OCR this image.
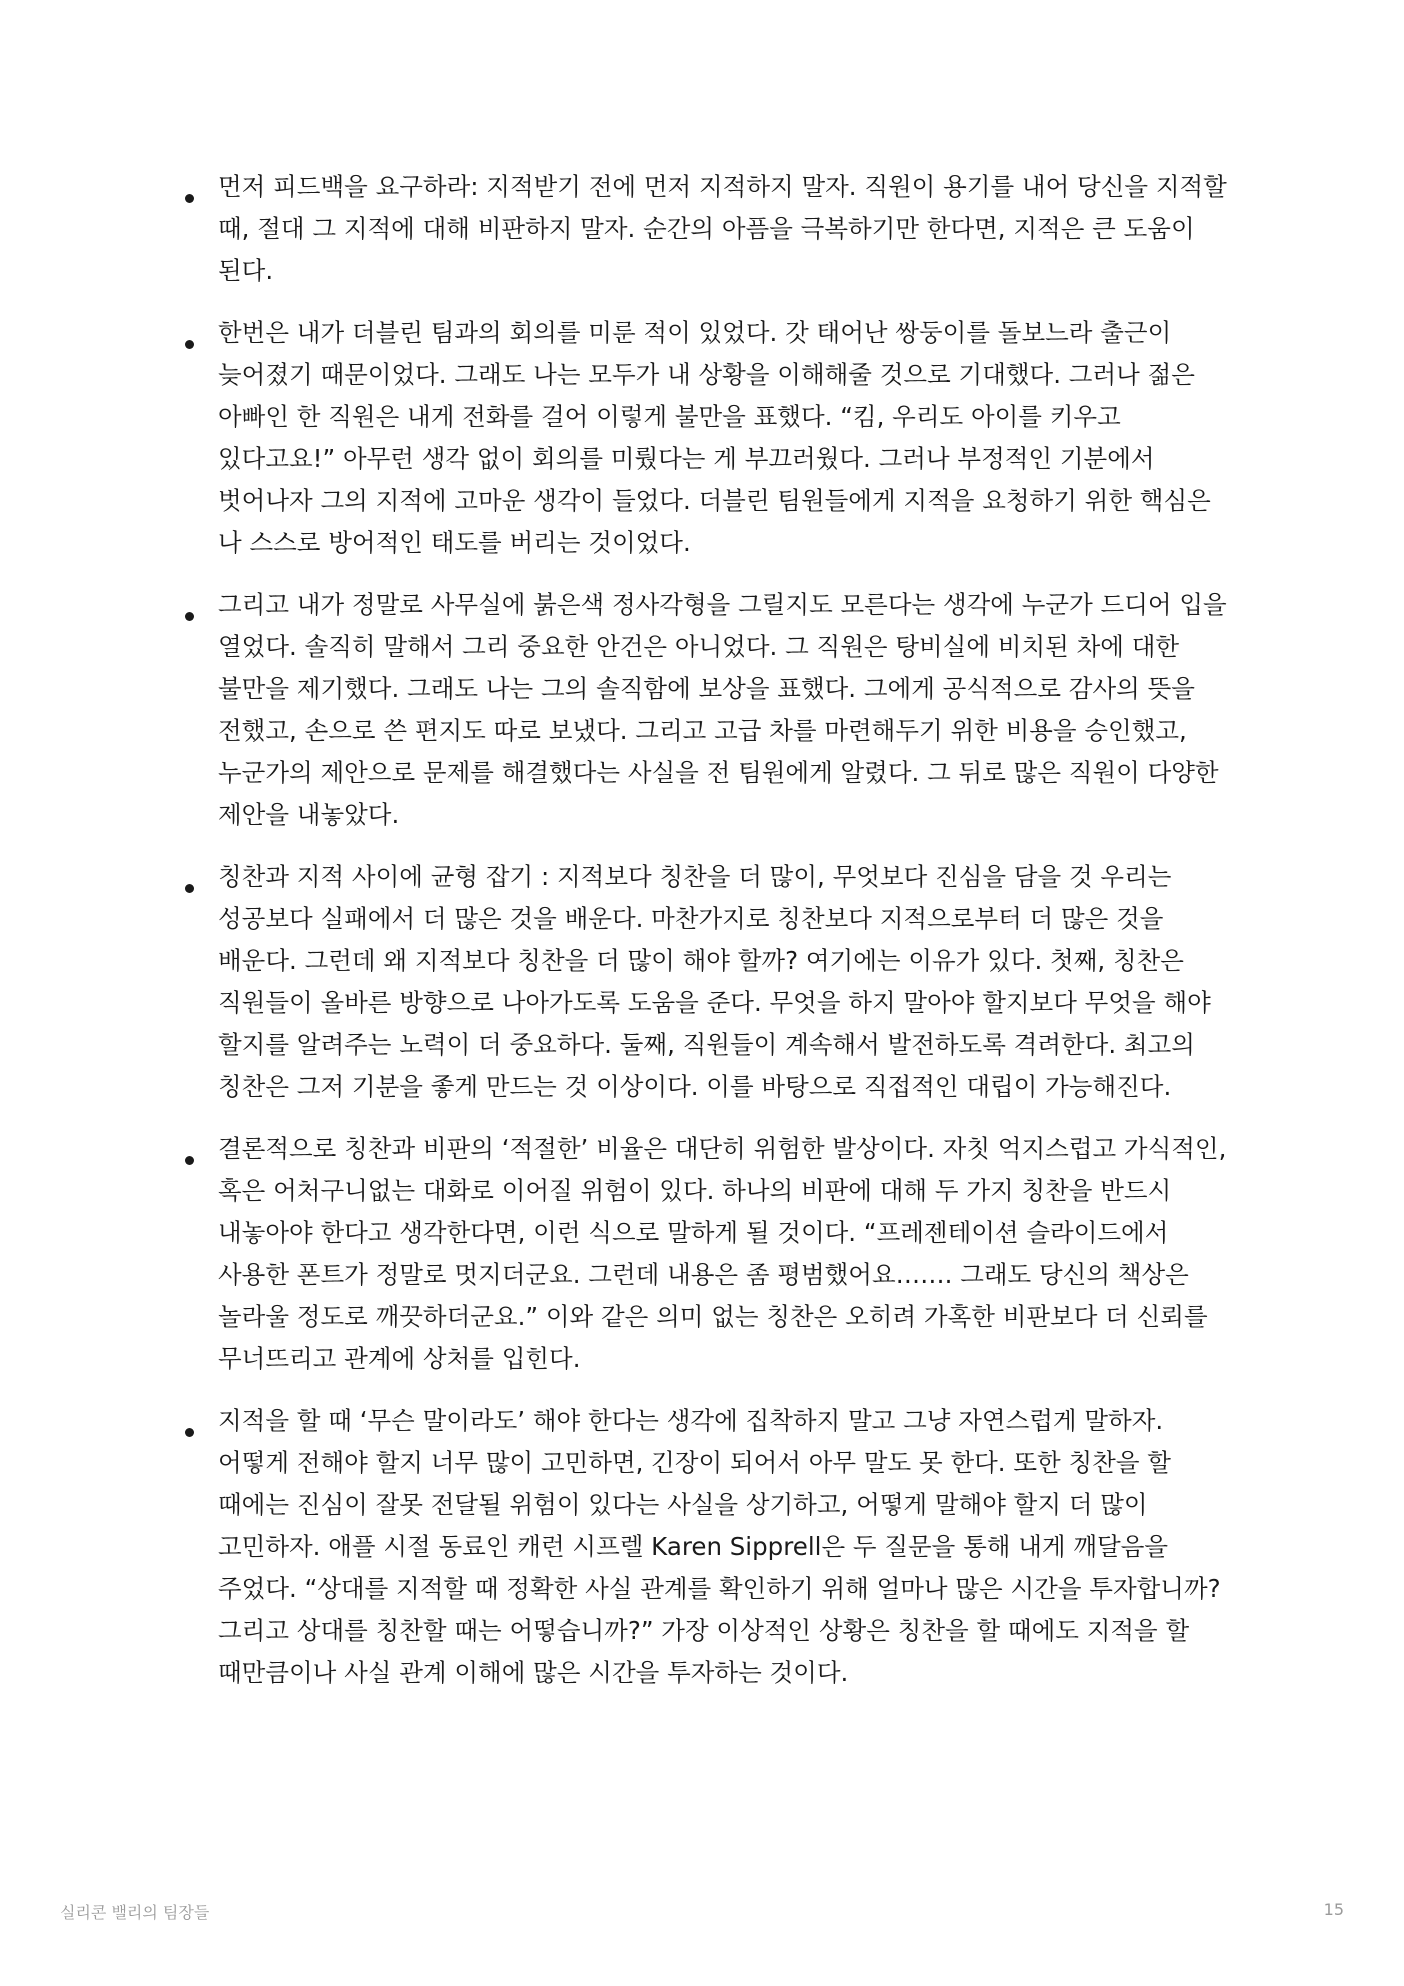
먼저 피드백을 요구하라: 지적받기 전에 먼저 지적하지 말자. 직원이 용기를 내어 당신을 지적할 때, 절대 그 지적에 대해 비판하지 말자. 순간의 아픔을 극복하기만 한다면, 지적은 큰 도움이 된다.
한번은 내가 더블린 팀과의 회의를 미룬 적이 있었다. 갓 태어난 쌍둥이를 돌보느라 출근이 늦어졌기 때문이었다. 그래도 나는 모두가 내 상황을 이해해줄 것으로 기대했다. 그러나 젊은 아빠인 한 직원은 내게 전화를 걸어 이렇게 불만을 표했다. “킴, 우리도 아이를 키우고 있다고요!” 아무런 생각 없이 회의를 미뤘다는 게 부끄러웠다. 그러나 부정적인 기분에서 벗어나자 그의 지적에 고마운 생각이 들었다. 더블린 팀원들에게 지적을 요청하기 위한 핵심은 나 스스로 방어적인 태도를 버리는 것이었다.
그리고 내가 정말로 사무실에 붉은색 정사각형을 그릴지도 모른다는 생각에 누군가 드디어 입을 열었다. 솔직히 말해서 그리 중요한 안건은 아니었다. 그 직원은 탕비실에 비치된 차에 대한 불만을 제기했다. 그래도 나는 그의 솔직함에 보상을 표했다. 그에게 공식적으로 감사의 뜻을 전했고, 손으로 쓴 편지도 따로 보냈다. 그리고 고급 차를 마련해두기 위한 비용을 승인했고, 누군가의 제안으로 문제를 해결했다는 사실을 전 팀원에게 알렸다. 그 뒤로 많은 직원이 다양한 제안을 내놓았다.
칭찬과 지적 사이에 균형 잡기 : 지적보다 칭찬을 더 많이, 무엇보다 진심을 담을 것 우리는 성공보다 실패에서 더 많은 것을 배운다. 마찬가지로 칭찬보다 지적으로부터 더 많은 것을 배운다. 그런데 왜 지적보다 칭찬을 더 많이 해야 할까? 여기에는 이유가 있다. 첫째, 칭찬은 직원들이 올바른 방향으로 나아가도록 도움을 준다. 무엇을 하지 말아야 할지보다 무엇을 해야 할지를 알려주는 노력이 더 중요하다. 둘째, 직원들이 계속해서 발전하도록 격려한다. 최고의 칭찬은 그저 기분을 좋게 만드는 것 이상이다. 이를 바탕으로 직접적인 대립이 가능해진다.
결론적으로 칭찬과 비판의 ‘적절한’ 비율은 대단히 위험한 발상이다. 자칫 억지스럽고 가식적인, 혹은 어처구니없는 대화로 이어질 위험이 있다. 하나의 비판에 대해 두 가지 칭찬을 반드시 내놓아야 한다고 생각한다면, 이런 식으로 말하게 될 것이다. “프레젠테이션 슬라이드에서 사용한 폰트가 정말로 멋지더군요. 그런데 내용은 좀 평범했어요……. 그래도 당신의 책상은 놀라울 정도로 깨끗하더군요.” 이와 같은 의미 없는 칭찬은 오히려 가혹한 비판보다 더 신뢰를 무너뜨리고 관계에 상처를 입힌다.
지적을 할 때 ‘무슨 말이라도’ 해야 한다는 생각에 집착하지 말고 그냥 자연스럽게 말하자. 어떻게 전해야 할지 너무 많이 고민하면, 긴장이 되어서 아무 말도 못 한다. 또한 칭찬을 할 때에는 진심이 잘못 전달될 위험이 있다는 사실을 상기하고, 어떻게 말해야 할지 더 많이 고민하자. 애플 시절 동료인 캐런 시프렐 Karen Sipprell은 두 질문을 통해 내게 깨달음을 주었다. “상대를 지적할 때 정확한 사실 관계를 확인하기 위해 얼마나 많은 시간을 투자합니까? 그리고 상대를 칭찬할 때는 어떻습니까?” 가장 이상적인 상황은 칭찬을 할 때에도 지적을 할 때만큼이나 사실 관계 이해에 많은 시간을 투자하는 것이다.
실리콘 밸리의 팀장들	15
